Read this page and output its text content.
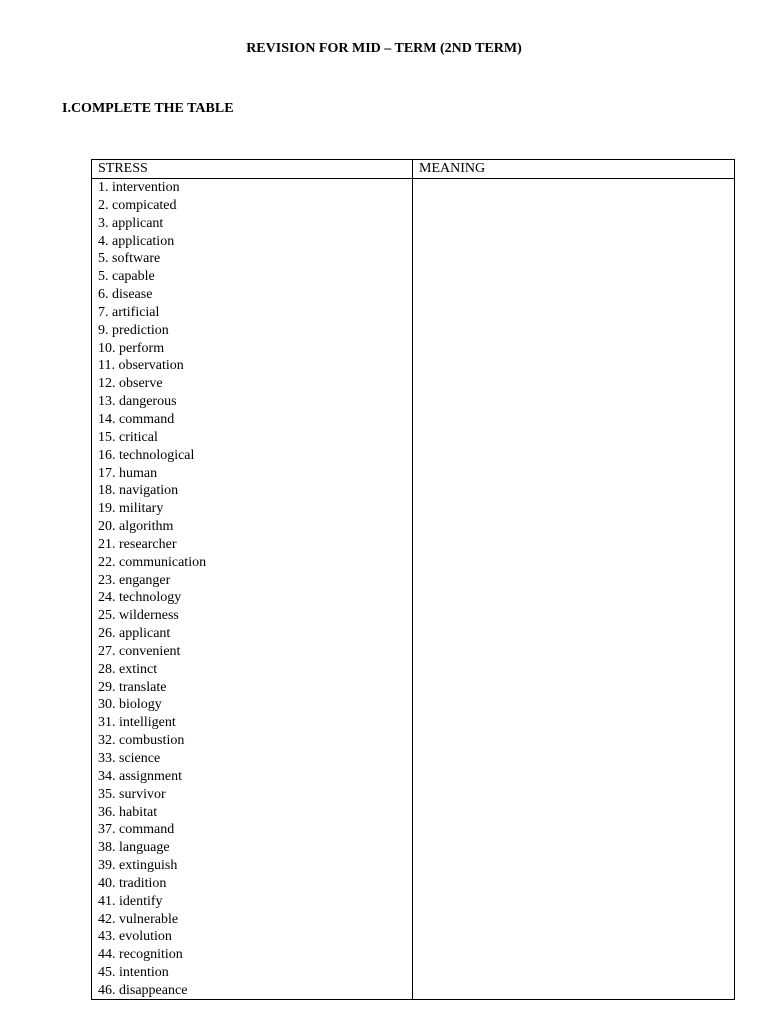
REVISION FOR MID – TERM (2ND TERM)
I.COMPLETE THE TABLE
STRESS	MEANING
1. intervention
2. compicated
3. applicant
4. application
5. software
5. capable
6. disease
7. artificial
9. prediction
10. perform
11. observation
12. observe
13. dangerous
14. command
15. critical
16. technological
17. human
18. navigation
19. military
20. algorithm
21. researcher
22. communication
23. enganger
24. technology
25. wilderness
26. applicant
27. convenient
28. extinct
29. translate
30. biology
31. intelligent
32. combustion
33. science
34. assignment
35. survivor
36. habitat
37. command
38. language
39. extinguish
40. tradition
41. identify
42. vulnerable
43. evolution
44. recognition
45. intention
46. disappeance
